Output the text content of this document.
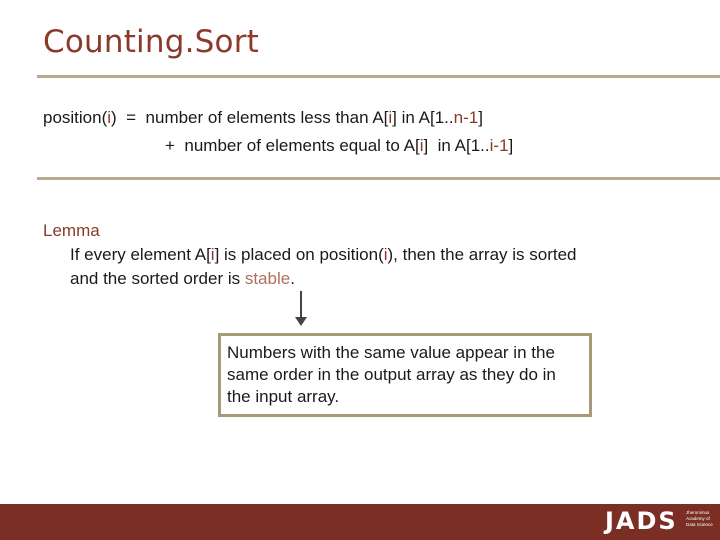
Counting.Sort
position(i)  =  number of elements less than A[i] in A[1..n-1]
+  number of elements equal to A[i]  in A[1..i-1]
Lemma
If every element A[i] is placed on position(i), then the array is sorted
and the sorted order is stable.
Numbers with the same value appear in the same order in the output array as they do in the input array.
JADS Jheronimus Academy of Data Science
